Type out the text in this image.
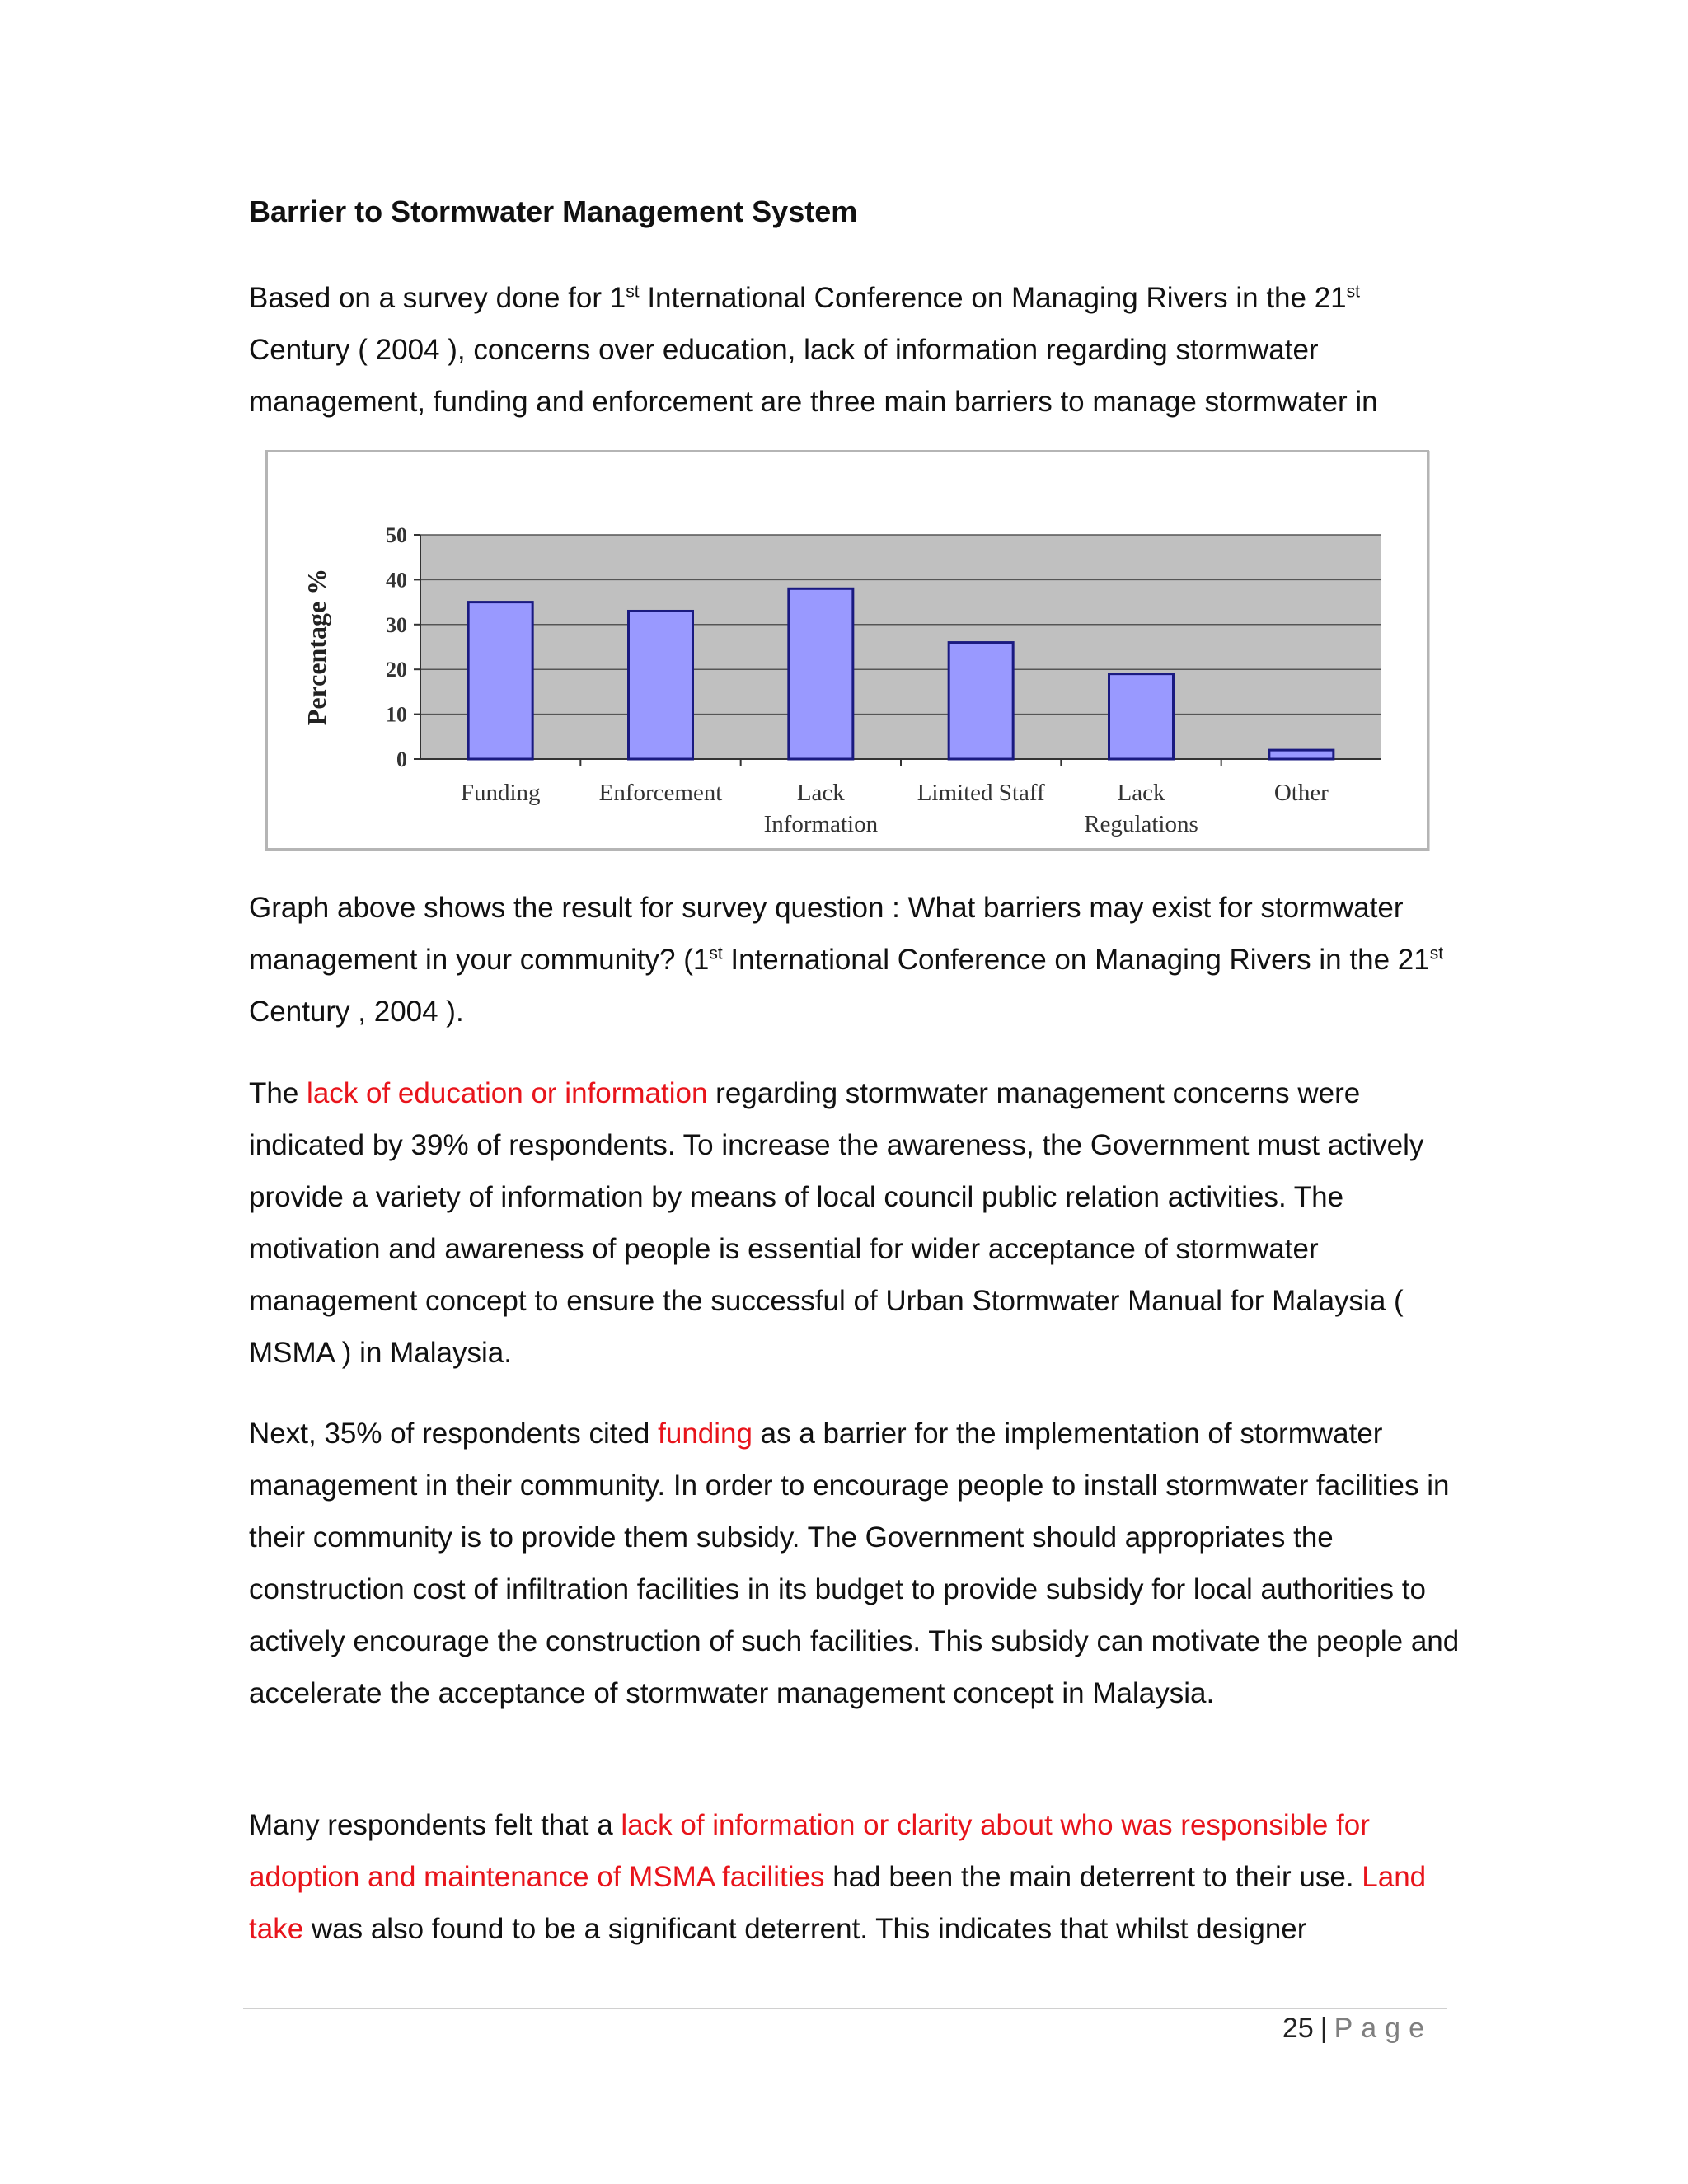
Barrier to Stormwater Management System

Based on a survey done for 1st International Conference on Managing Rivers in the 21st Century ( 2004 ), concerns over education, lack of information regarding stormwater management, funding and enforcement are three main barriers to manage stormwater in

0
10
20
30
40
50
Funding Enforcement	Lack
Information
Limited Staff	Lack
Regulations
Other
Percentage %

Graph above shows the result for survey question : What barriers may exist for stormwater management in your community? (1st International Conference on Managing Rivers in the 21st Century , 2004 ).

The lack of education or information regarding stormwater management concerns were indicated by 39% of respondents. To increase the awareness, the Government must actively provide a variety of information by means of local council public relation activities. The motivation and awareness of people is essential for wider acceptance of stormwater management concept to ensure the successful of Urban Stormwater Manual for Malaysia ( MSMA ) in Malaysia.

Next, 35% of respondents cited funding as a barrier for the implementation of stormwater management in their community. In order to encourage people to install stormwater facilities in their community is to provide them subsidy. The Government should appropriates the construction cost of infiltration facilities in its budget to provide subsidy for local authorities to actively encourage the construction of such facilities. This subsidy can motivate the people and accelerate the acceptance of stormwater management concept in Malaysia.

Many respondents felt that a lack of information or clarity about who was responsible for adoption and maintenance of MSMA facilities had been the main deterrent to their use. Land take was also found to be a significant deterrent. This indicates that whilst designer

25 | Page
